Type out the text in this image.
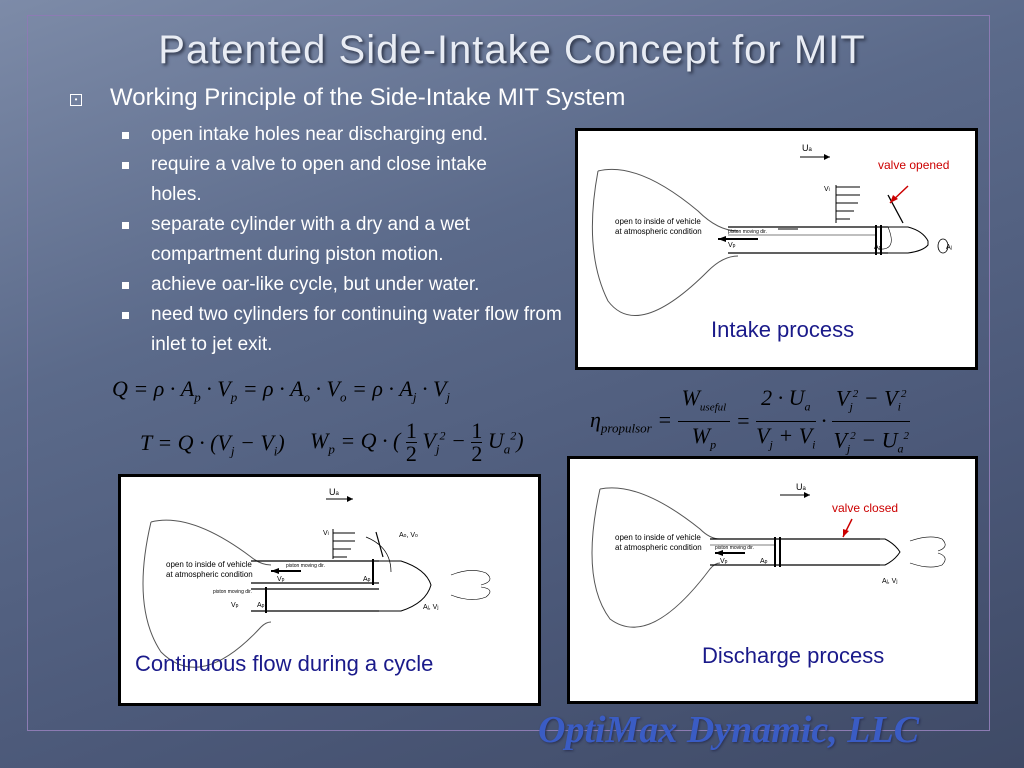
Patented Side-Intake Concept for MIT
• Working Principle of the Side-Intake MIT System
open intake holes near discharging end.
require a valve to open and close intake holes.
separate cylinder with a dry and a wet compartment during piston motion.
achieve oar-like cycle, but under water.
need two cylinders for continuing water flow from inlet to jet exit.
open to inside of vehicle
at atmospheric condition	piston moving dir.
valve opened
Ua
Vi
Vp	Ap	Aj
Intake process
$Q = \rho \cdot A_p \cdot V_p = \rho \cdot A_o \cdot V_o = \rho \cdot A_j \cdot V_j$
$T = Q \cdot (V_j - V_i) W_p = Q$ · ( $\frac{1}{2} V_j^2 - \frac{1}{2} U_a^2$)
$\eta_{propulsor}$ =
$W_{useful}$
$W_p$
= $\frac{2 \cdot U_a}{V_j + V_i} \cdot \frac{V_j^2 - V_i^2}{V_j^2 - U_a^2}$
open to inside of vehicle
at atmospheric condition
piston moving dir.
piston moving dir.
Ua
Vi
Vp
Vp
Ap
Ap
Ao, Vo
Aj, Vj
Continuous flow during a cycle
open to inside of vehicle
at atmospheric condition	piston moving dir.
valve closed
Ua
Vp	Ap
Aj, Vj
Discharge process
OptiMax Dynamic, LLC
